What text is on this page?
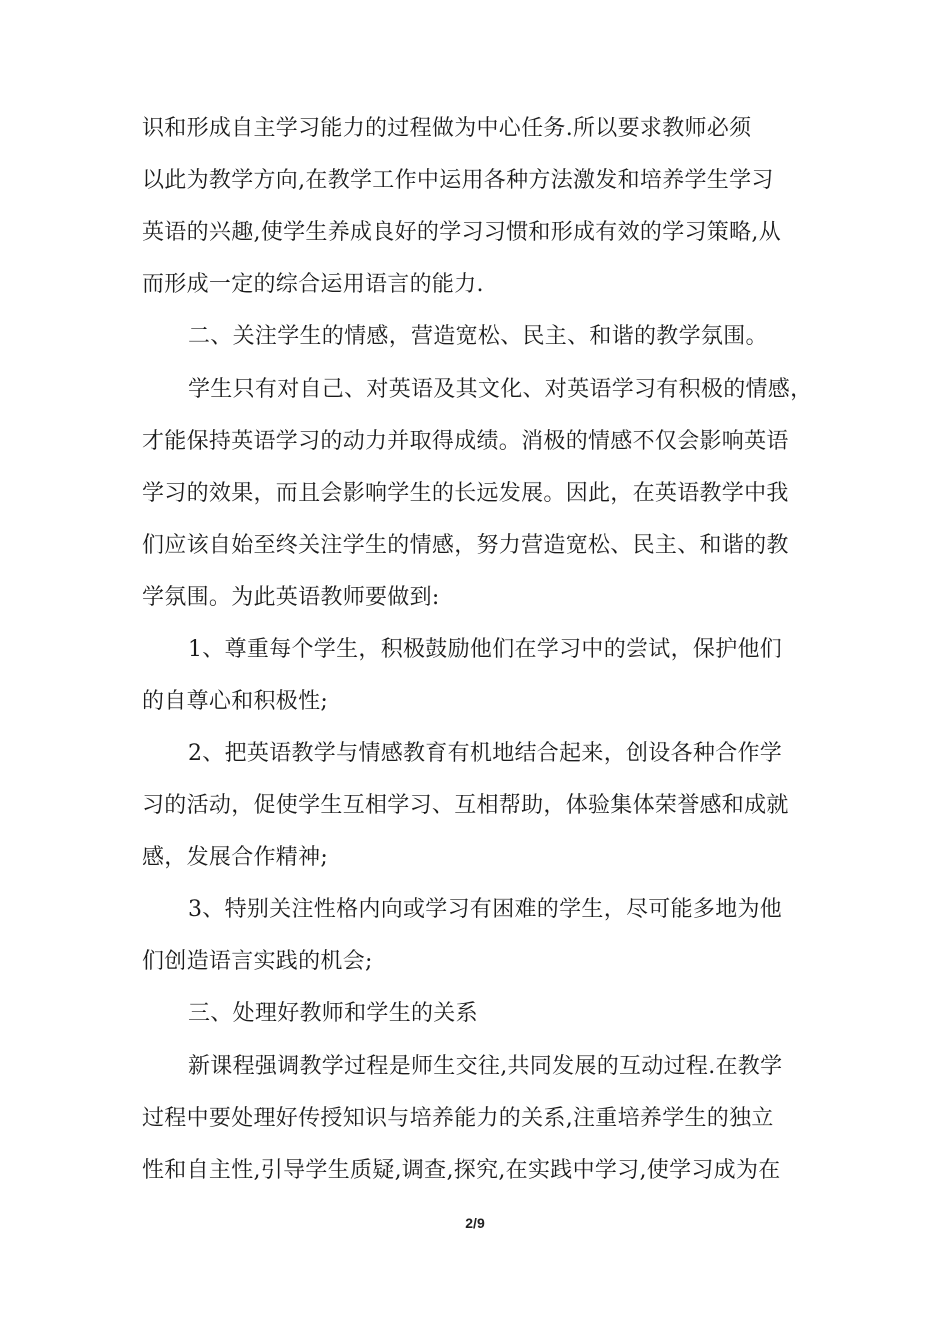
识和形成自主学习能力的过程做为中心任务.所以要求教师必须
以此为教学方向,在教学工作中运用各种方法激发和培养学生学习
英语的兴趣,使学生养成良好的学习习惯和形成有效的学习策略,从
而形成一定的综合运用语言的能力.
二、关注学生的情感，营造宽松、民主、和谐的教学氛围。
学生只有对自己、对英语及其文化、对英语学习有积极的情感，
才能保持英语学习的动力并取得成绩。消极的情感不仅会影响英语
学习的效果，而且会影响学生的长远发展。因此，在英语教学中我
们应该自始至终关注学生的情感，努力营造宽松、民主、和谐的教
学氛围。为此英语教师要做到:
1、尊重每个学生，积极鼓励他们在学习中的尝试，保护他们
的自尊心和积极性;
2、把英语教学与情感教育有机地结合起来，创设各种合作学
习的活动，促使学生互相学习、互相帮助，体验集体荣誉感和成就
感，发展合作精神;
3、特别关注性格内向或学习有困难的学生，尽可能多地为他
们创造语言实践的机会;
三、处理好教师和学生的关系
新课程强调教学过程是师生交往,共同发展的互动过程.在教学
过程中要处理好传授知识与培养能力的关系,注重培养学生的独立
性和自主性,引导学生质疑,调查,探究,在实践中学习,使学习成为在
2/9
